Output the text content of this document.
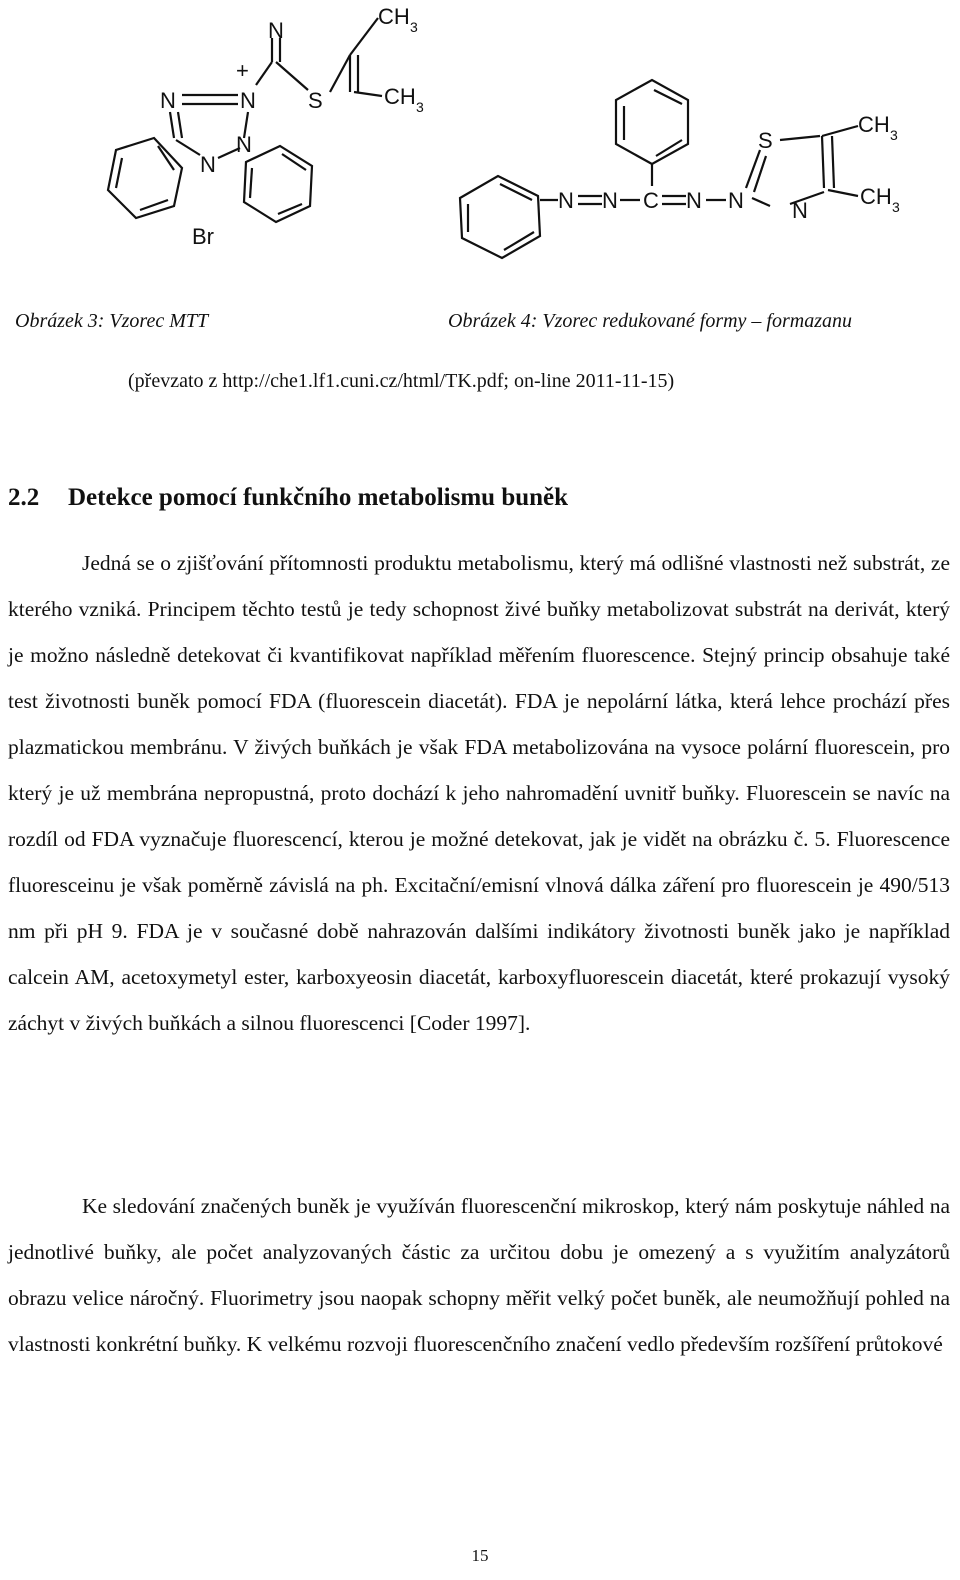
N	N
N
N
N
S
CH 3
CH 3
Br
+
N N C N N
S
N
CH 3
CH 3
Obrázek 3: Vzorec MTT	Obrázek 4: Vzorec redukované formy – formazanu
(převzato z http://che1.lf1.cuni.cz/html/TK.pdf; on-line 2011-11-15)
2.2 Detekce pomocí funkčního metabolismu buněk

Jedná se o zjišťování přítomnosti produktu metabolismu, který má odlišné vlastnosti než substrát, ze kterého vzniká. Principem těchto testů je tedy schopnost živé buňky metabolizovat substrát na derivát, který je možno následně detekovat či kvantifikovat například měřením fluorescence. Stejný princip obsahuje také test životnosti buněk pomocí FDA (fluorescein diacetát). FDA je nepolární látka, která lehce prochází přes plazmatickou membránu. V živých buňkách je však FDA metabolizována na vysoce polární fluorescein, pro který je už membrána nepropustná, proto dochází k jeho nahromadění uvnitř buňky. Fluorescein se navíc na rozdíl od FDA vyznačuje fluorescencí, kterou je možné detekovat, jak je vidět na obrázku č. 5. Fluorescence fluoresceinu je však poměrně závislá na ph. Excitační/emisní vlnová dálka záření pro fluorescein je 490/513 nm při pH 9. FDA je v současné době nahrazován dalšími indikátory životnosti buněk jako je například calcein AM, acetoxymetyl ester, karboxyeosin diacetát, karboxyfluorescein diacetát, které prokazují vysoký záchyt v živých buňkách a silnou fluorescenci [Coder 1997].

Ke sledování značených buněk je využíván fluorescenční mikroskop, který nám poskytuje náhled na jednotlivé buňky, ale počet analyzovaných částic za určitou dobu je omezený a s využitím analyzátorů obrazu velice náročný. Fluorimetry jsou naopak schopny měřit velký počet buněk, ale neumožňují pohled na vlastnosti konkrétní buňky. K velkému rozvoji fluorescenčního značení vedlo především rozšíření průtokové

15
